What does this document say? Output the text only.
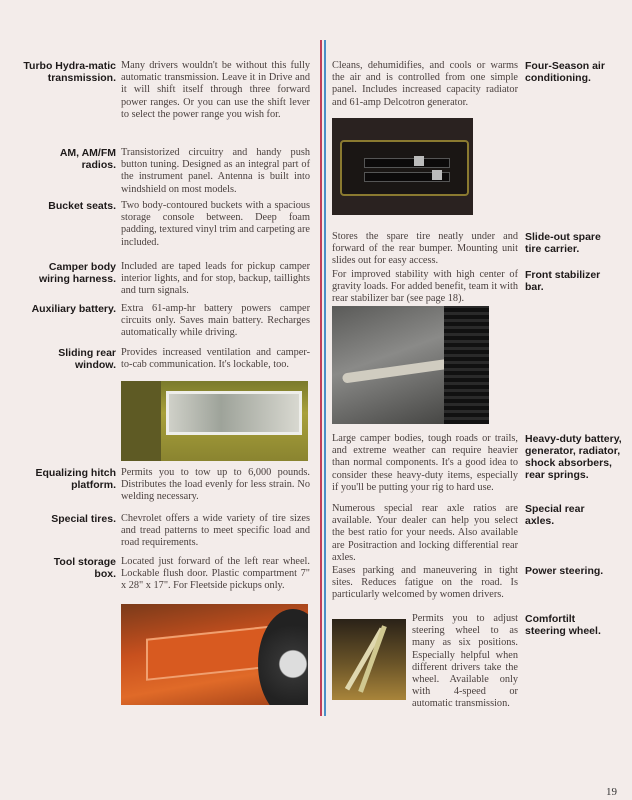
Turbo Hydra-matic transmission.
Many drivers wouldn't be without this fully automatic transmission. Leave it in Drive and it will shift itself through three forward power ranges. Or you can use the shift lever to select the power range you wish for.
AM, AM/FM radios.
Transistorized circuitry and handy push button tuning. Designed as an integral part of the instrument panel. Antenna is built into windshield on most models.
Bucket seats. Two body-contoured buckets with a spacious storage console between. Deep foam padding, textured vinyl trim and carpeting are included.
Camper body wiring harness.
Included are taped leads for pickup camper interior lights, and for stop, backup, taillights and turn signals.
Auxiliary battery. Extra 61-amp-hr battery powers camper circuits only. Saves main battery. Recharges automatically while driving.
Sliding rear window.
Provides increased ventilation and camper-to-cab communication. It's lockable, too.
Equalizing hitch platform.
Permits you to tow up to 6,000 pounds. Distributes the load evenly for less strain. No welding necessary.
Special tires. Chevrolet offers a wide variety of tire sizes and tread patterns to meet specific load and road requirements.
Tool storage box.
Located just forward of the left rear wheel. Lockable flush door. Plastic compartment 7" x 28" x 17". For Fleetside pickups only.
Cleans, dehumidifies, and cools or warms the air and is controlled from one simple panel. Includes increased capacity radiator and 61-amp Delcotron generator.
Four-Season air conditioning.
Stores the spare tire neatly under and forward of the rear bumper. Mounting unit slides out for easy access.
Slide-out spare tire carrier.
For improved stability with high center of gravity loads. For added benefit, team it with rear stabilizer bar (see page 18).
Front stabilizer bar.
Large camper bodies, tough roads or trails, and extreme weather can require heavier than normal components. It's a good idea to consider these heavy-duty items, especially if you'll be putting your rig to hard use.
Heavy-duty battery, generator, radiator, shock absorbers, rear springs.
Numerous special rear axle ratios are available. Your dealer can help you select the best ratio for your needs. Also available are Positraction and locking differential rear axles.
Special rear axles.
Eases parking and maneuvering in tight sites. Reduces fatigue on the road. Is particularly welcomed by women drivers.
Power steering.
Permits you to adjust steering wheel to as many as six positions. Especially helpful when different drivers take the wheel. Available only with 4-speed or automatic transmission.
Comfortilt steering wheel.
19
